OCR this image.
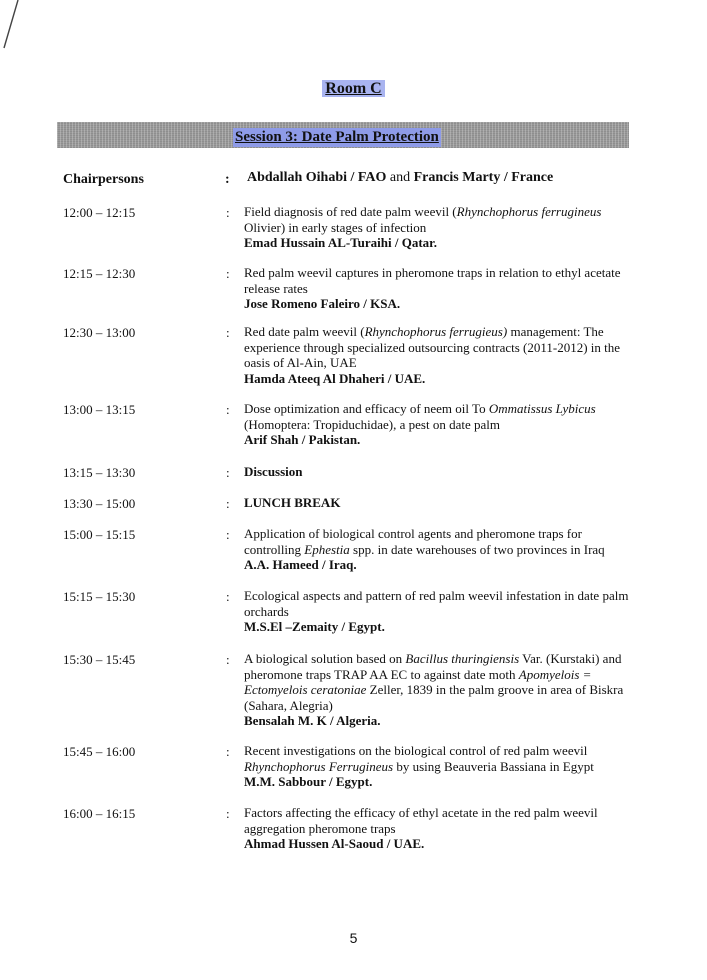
Room C
Session 3: Date Palm Protection
Chairpersons	: Abdallah Oihabi / FAO and Francis Marty / France
12:00 – 12:15	: Field diagnosis of red date palm weevil (Rhynchophorus ferrugineus Olivier) in early stages of infection
Emad Hussain AL-Turaihi / Qatar.
12:15 – 12:30	: Red palm weevil captures in pheromone traps in relation to ethyl acetate release rates
Jose Romeno Faleiro / KSA.
12:30 – 13:00	: Red date palm weevil (Rhynchophorus ferrugieus) management: The experience through specialized outsourcing contracts (2011-2012) in the oasis of Al-Ain, UAE
Hamda Ateeq Al Dhaheri / UAE.
13:00 – 13:15	: Dose optimization and efficacy of neem oil To Ommatissus Lybicus (Homoptera: Tropiduchidae), a pest on date palm
Arif Shah / Pakistan.
13:15 – 13:30	: Discussion
13:30 – 15:00	: LUNCH BREAK
15:00 – 15:15	: Application of biological control agents and pheromone traps for controlling Ephestia spp. in date warehouses of two provinces in Iraq
A.A. Hameed / Iraq.
15:15 – 15:30	: Ecological aspects and pattern of red palm weevil infestation in date palm orchards
M.S.El –Zemaity / Egypt.
15:30 – 15:45	: A biological solution based on Bacillus thuringiensis Var. (Kurstaki) and pheromone traps TRAP AA EC to against date moth Apomyelois = Ectomyelois ceratoniae Zeller, 1839 in the palm groove in area of Biskra (Sahara, Alegria)
Bensalah M. K / Algeria.
15:45 – 16:00	: Recent investigations on the biological control of red palm weevil Rhynchophorus Ferrugineus by using Beauveria Bassiana in Egypt
M.M. Sabbour / Egypt.
16:00 – 16:15	: Factors affecting the efficacy of ethyl acetate in the red palm weevil aggregation pheromone traps
Ahmad Hussen Al-Saoud / UAE.
5
